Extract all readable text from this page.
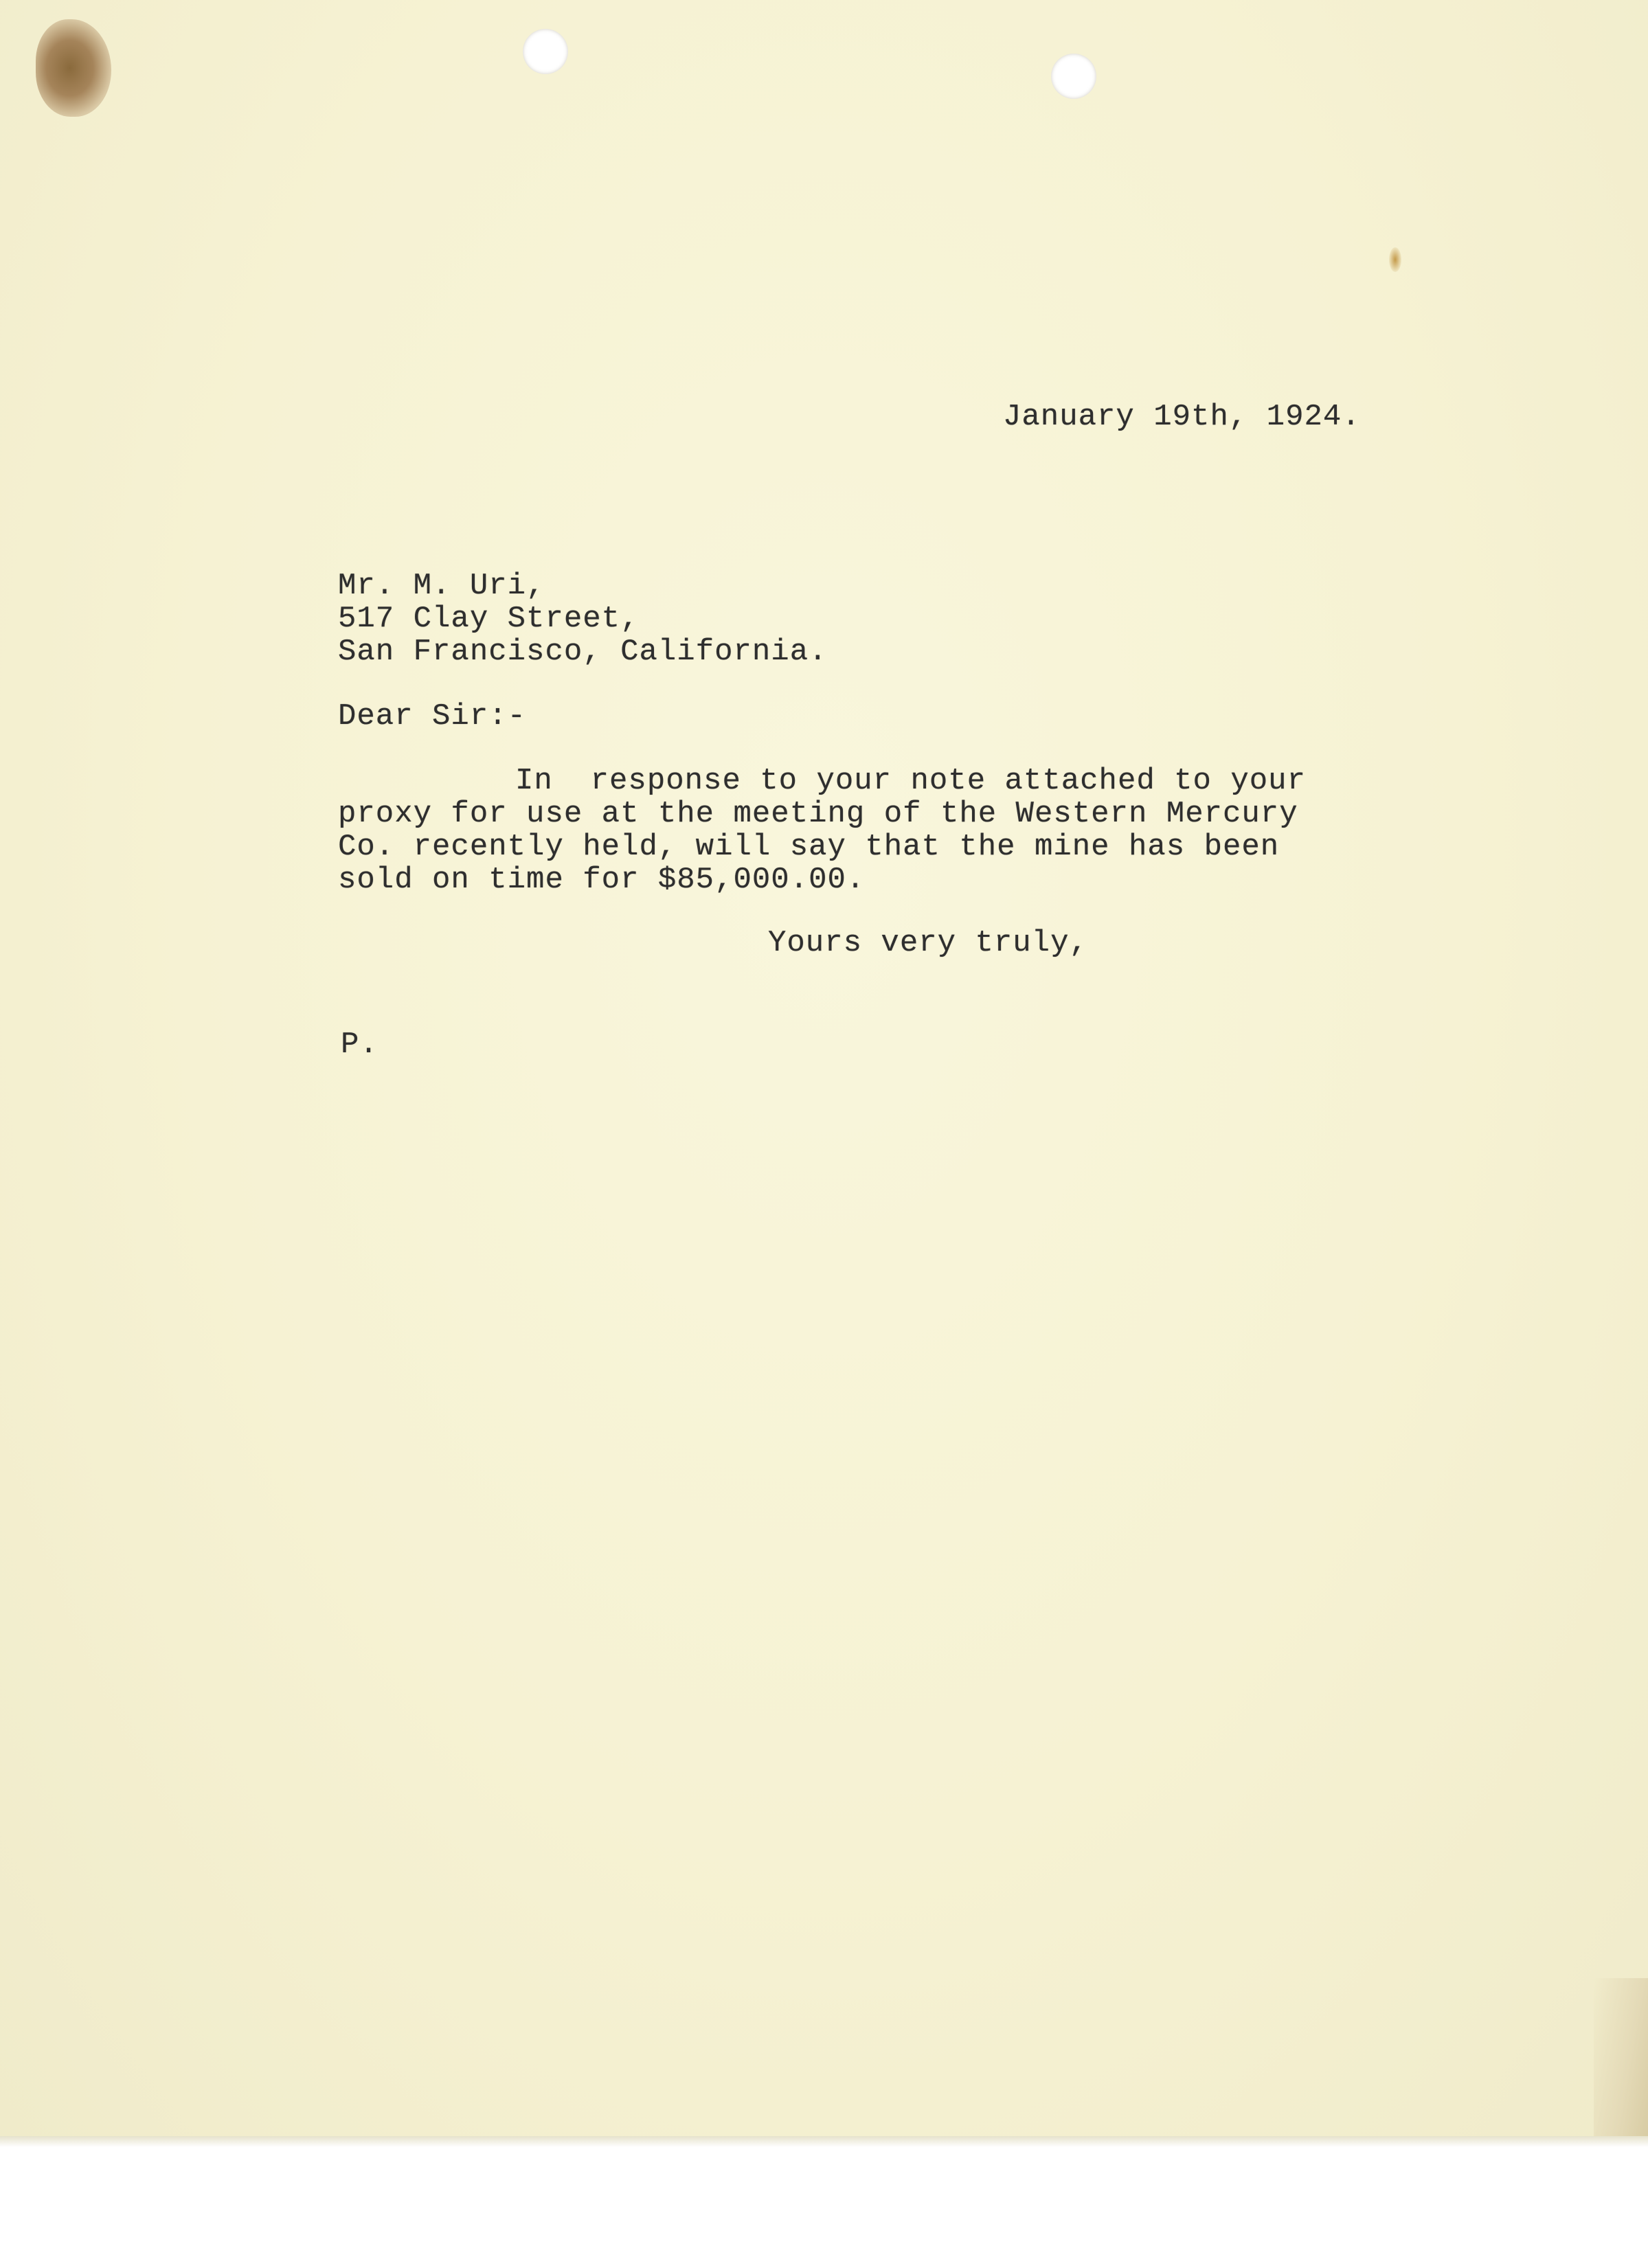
January 19th, 1924.
Mr. M. Uri,
517 Clay Street,
San Francisco, California.
Dear Sir:-
In  response to your note attached to your
proxy for use at the meeting of the Western Mercury
Co. recently held, will say that the mine has been
sold on time for $85,000.00.
Yours very truly,
P.
